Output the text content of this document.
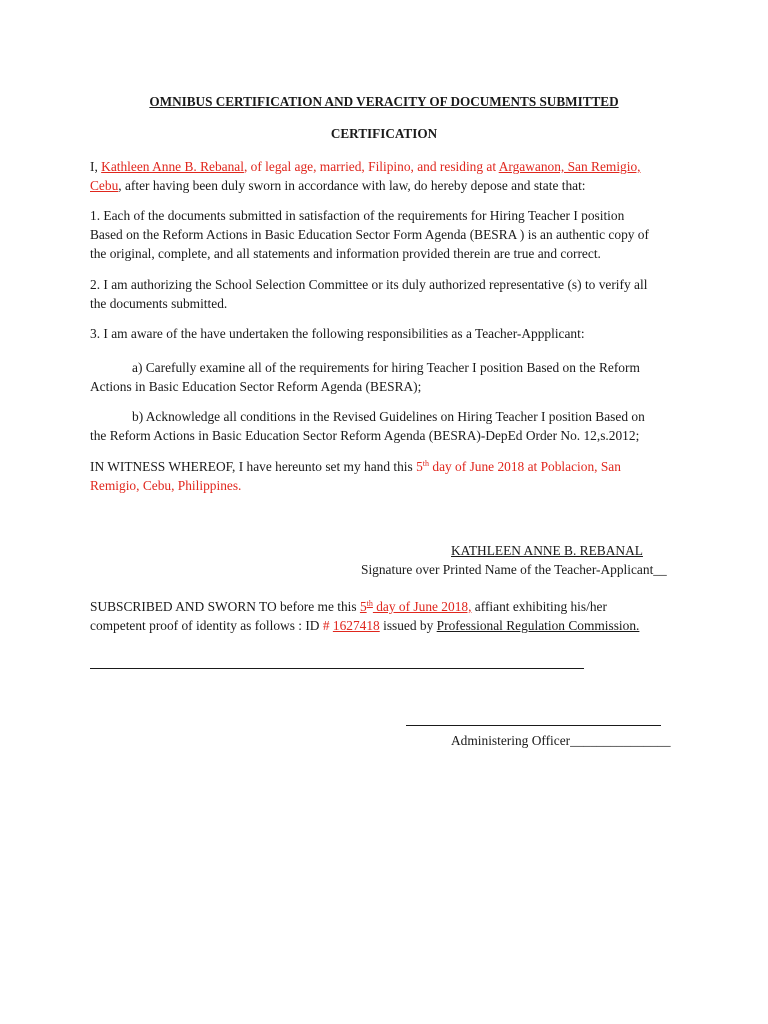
OMNIBUS CERTIFICATION AND VERACITY OF DOCUMENTS SUBMITTED
CERTIFICATION
I, Kathleen Anne B. Rebanal, of legal age, married, Filipino, and residing at Argawanon, San Remigio,
Cebu, after having been duly sworn in accordance with law, do hereby depose and state that:
1. Each of the documents submitted in satisfaction of the requirements for Hiring Teacher I position
Based on the Reform Actions in Basic Education Sector Form Agenda (BESRA ) is an authentic copy of
the original, complete, and all statements and information provided therein are true and correct.
2. I am authorizing the School Selection Committee or its duly authorized representative (s) to verify all
the documents submitted.
3. I am aware of the have undertaken the following responsibilities as a Teacher-Appplicant:
a) Carefully examine all of the requirements for hiring Teacher I position Based on the Reform
Actions in Basic Education Sector Reform Agenda (BESRA);
b) Acknowledge all conditions in the Revised Guidelines on Hiring Teacher I position Based on
the Reform Actions in Basic Education Sector Reform Agenda (BESRA)-DepEd Order No. 12,s.2012;
IN WITNESS WHEREOF, I have hereunto set my hand this 5th day of June 2018 at Poblacion, San
Remigio, Cebu, Philippines.
KATHLEEN ANNE B. REBANAL
Signature over Printed Name of the Teacher-Applicant__
SUBSCRIBED AND SWORN TO before me this 5th day of June 2018, affiant exhibiting his/her
competent proof of identity as follows : ID # 1627418 issued by Professional Regulation Commission.
Administering Officer_______________
